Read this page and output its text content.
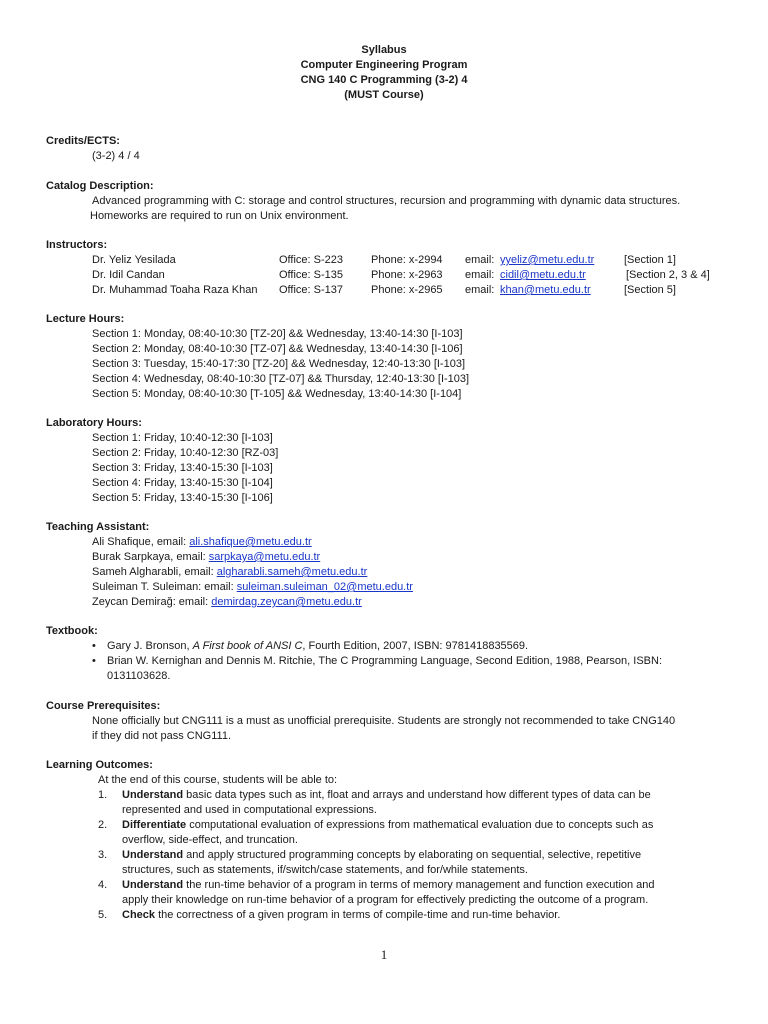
Syllabus
Computer Engineering Program
CNG 140 C Programming (3-2) 4
(MUST Course)
Credits/ECTS:
(3-2) 4 / 4
Catalog Description:
Advanced programming with C: storage and control structures, recursion and programming with dynamic data structures.
Homeworks are required to run on Unix environment.
Instructors:
Dr. Yeliz Yesilada	Office: S-223	Phone: x-2994 email: yyeliz@metu.edu.tr	[Section 1]
Dr. Idil Candan	Office: S-135	Phone: x-2963 email: cidil@metu.edu.tr	[Section 2, 3 & 4]
Dr. Muhammad Toaha Raza Khan Office: S-137	Phone: x-2965 email: khan@metu.edu.tr	[Section 5]
Lecture Hours:
Section 1: Monday, 08:40-10:30 [TZ-20] && Wednesday, 13:40-14:30 [I-103]
Section 2: Monday, 08:40-10:30 [TZ-07] && Wednesday, 13:40-14:30 [I-106]
Section 3: Tuesday, 15:40-17:30 [TZ-20] && Wednesday, 12:40-13:30 [I-103]
Section 4: Wednesday, 08:40-10:30 [TZ-07] && Thursday, 12:40-13:30 [I-103]
Section 5: Monday, 08:40-10:30 [T-105] && Wednesday, 13:40-14:30 [I-104]
Laboratory Hours:
Section 1: Friday, 10:40-12:30 [I-103]
Section 2: Friday, 10:40-12:30 [RZ-03]
Section 3: Friday, 13:40-15:30 [I-103]
Section 4: Friday, 13:40-15:30 [I-104]
Section 5: Friday, 13:40-15:30 [I-106]
Teaching Assistant:
Ali Shafique, email: ali.shafique@metu.edu.tr
Burak Sarpkaya, email: sarpkaya@metu.edu.tr
Sameh Algharabli, email: algharabli.sameh@metu.edu.tr
Suleiman T. Suleiman: email: suleiman.suleiman_02@metu.edu.tr
Zeycan Demirağ: email: demirdag.zeycan@metu.edu.tr
Textbook:
•	Gary J. Bronson, A First book of ANSI C, Fourth Edition, 2007, ISBN: 9781418835569.
• Brian W. Kernighan and Dennis M. Ritchie, The C Programming Language, Second Edition, 1988, Pearson, ISBN:
0131103628.
Course Prerequisites:
None officially but CNG111 is a must as unofficial prerequisite. Students are strongly not recommended to take CNG140
if they did not pass CNG111.
Learning Outcomes:
At the end of this course, students will be able to:
1. Understand basic data types such as int, float and arrays and understand how different types of data can be
represented and used in computational expressions.
2. Differentiate computational evaluation of expressions from mathematical evaluation due to concepts such as
overflow, side-effect, and truncation.
3. Understand and apply structured programming concepts by elaborating on sequential, selective, repetitive
structures, such as statements, if/switch/case statements, and for/while statements.
4. Understand the run-time behavior of a program in terms of memory management and function execution and
apply their knowledge on run-time behavior of a program for effectively predicting the outcome of a program.
5. Check the correctness of a given program in terms of compile-time and run-time behavior.
1
